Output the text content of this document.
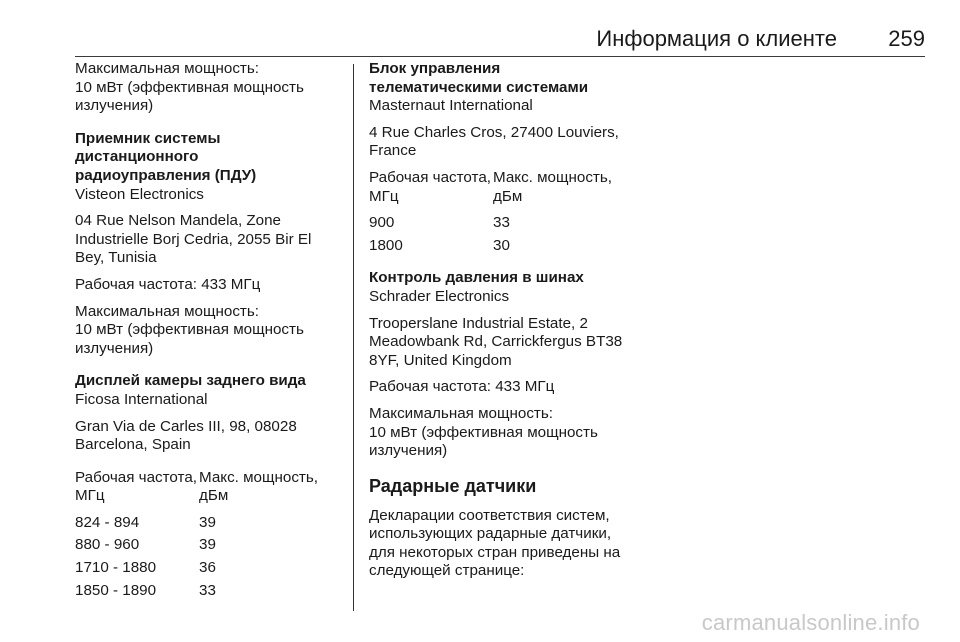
Информация о клиенте 259
Максимальная мощность:
10 мВт (эффективная мощность излучения)
Приемник системы дистанционного радиоуправления (ПДУ)
Visteon Electronics
04 Rue Nelson Mandela, Zone Industrielle Borj Cedria, 2055 Bir El Bey, Tunisia
Рабочая частота: 433 МГц
Максимальная мощность:
10 мВт (эффективная мощность излучения)
Дисплей камеры заднего вида
Ficosa International
Gran Via de Carles III, 98, 08028 Barcelona, Spain
Рабочая частота, МГц
Макс. мощность, дБм
824 - 894	39
880 - 960	39
1710 - 1880	36
1850 - 1890	33
Блок управления телематическими системами
Masternaut International
4 Rue Charles Cros, 27400 Louviers, France
Рабочая частота, МГц
Макс. мощность, дБм
900	33
1800	30
Контроль давления в шинах
Schrader Electronics
Trooperslane Industrial Estate, 2 Meadowbank Rd, Carrickfergus BT38 8YF, United Kingdom
Рабочая частота: 433 МГц
Максимальная мощность:
10 мВт (эффективная мощность излучения)
Радарные датчики
Декларации соответствия систем, использующих радарные датчики, для некоторых стран приведены на следующей странице:
carmanualsonline.info
